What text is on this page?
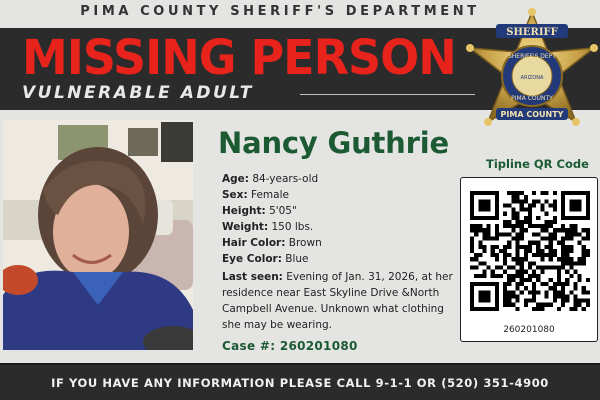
PIMA COUNTY SHERIFF'S DEPARTMENT
MISSING PERSON
VULNERABLE ADULT
SHERIFF
SHERIFF'S DEPT
ARIZONA
PIMA COUNTY
PIMA COUNTY
Nancy Guthrie
Age: 84-years-old
Sex: Female
Height: 5'05"
Weight: 150 lbs.
Hair Color: Brown
Eye Color: Blue
Last seen: Evening of Jan. 31, 2026, at her residence near East Skyline Drive &North Campbell Avenue. Unknown what clothing she may be wearing.
Case #: 260201080
Tipline QR Code
260201080
IF YOU HAVE ANY INFORMATION PLEASE CALL 9-1-1 OR (520) 351-4900
